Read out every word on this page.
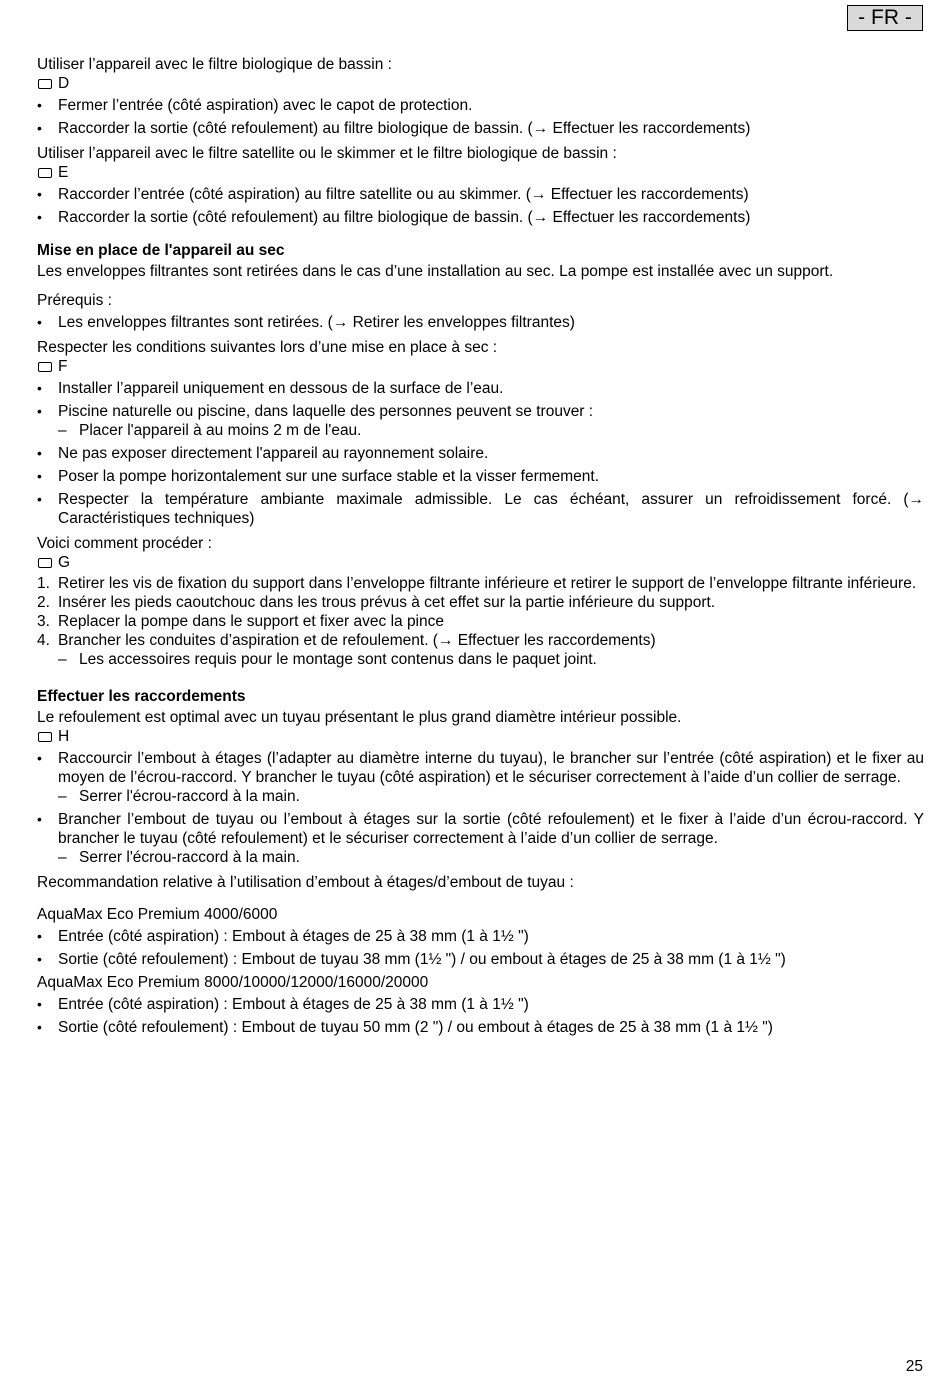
- FR -

Utiliser l’appareil avec le filtre biologique de bassin :

D
• Fermer l’entrée (côté aspiration) avec le capot de protection.
• Raccorder la sortie (côté refoulement) au filtre biologique de bassin. (→ Effectuer les raccordements)

Utiliser l’appareil avec le filtre satellite ou le skimmer et le filtre biologique de bassin :

E
• Raccorder l’entrée (côté aspiration) au filtre satellite ou au skimmer. (→ Effectuer les raccordements)
• Raccorder la sortie (côté refoulement) au filtre biologique de bassin. (→ Effectuer les raccordements)

Mise en place de l'appareil au sec

Les enveloppes filtrantes sont retirées dans le cas d’une installation au sec. La pompe est installée avec un support.

Prérequis :

• Les enveloppes filtrantes sont retirées. (→ Retirer les enveloppes filtrantes)

Respecter les conditions suivantes lors d’une mise en place à sec :

F
• Installer l’appareil uniquement en dessous de la surface de l’eau.
• Piscine naturelle ou piscine, dans laquelle des personnes peuvent se trouver :
– Placer l'appareil à au moins 2 m de l'eau.
• Ne pas exposer directement l'appareil au rayonnement solaire.
• Poser la pompe horizontalement sur une surface stable et la visser fermement.
• Respecter la température ambiante maximale admissible. Le cas échéant, assurer un refroidissement forcé. (→ Caractéristiques techniques)

Voici comment procéder :

G
1. Retirer les vis de fixation du support dans l’enveloppe filtrante inférieure et retirer le support de l’enveloppe filtrante inférieure.
2. Insérer les pieds caoutchouc dans les trous prévus à cet effet sur la partie inférieure du support.
3. Replacer la pompe dans le support et fixer avec la pince
4. Brancher les conduites d’aspiration et de refoulement. (→ Effectuer les raccordements)
– Les accessoires requis pour le montage sont contenus dans le paquet joint.

Effectuer les raccordements

Le refoulement est optimal avec un tuyau présentant le plus grand diamètre intérieur possible.

H
• Raccourcir l’embout à étages (l’adapter au diamètre interne du tuyau), le brancher sur l’entrée (côté aspiration) et le fixer au moyen de l’écrou-raccord. Y brancher le tuyau (côté aspiration) et le sécuriser correctement à l’aide d’un collier de serrage.
– Serrer l'écrou-raccord à la main.
• Brancher l’embout de tuyau ou l’embout à étages sur la sortie (côté refoulement) et le fixer à l’aide d’un écrou-raccord. Y brancher le tuyau (côté refoulement) et le sécuriser correctement à l’aide d’un collier de serrage.
– Serrer l'écrou-raccord à la main.

Recommandation relative à l’utilisation d’embout à étages/d’embout de tuyau :

AquaMax Eco Premium 4000/6000

• Entrée (côté aspiration) : Embout à étages de 25 à 38 mm (1 à 1½ ")
• Sortie (côté refoulement) : Embout de tuyau 38 mm (1½ ") / ou embout à étages de 25 à 38 mm (1 à 1½ ")

AquaMax Eco Premium 8000/10000/12000/16000/20000

• Entrée (côté aspiration) : Embout à étages de 25 à 38 mm (1 à 1½ ")
• Sortie (côté refoulement) : Embout de tuyau 50 mm (2 ") / ou embout à étages de 25 à 38 mm (1 à 1½ ")
25
